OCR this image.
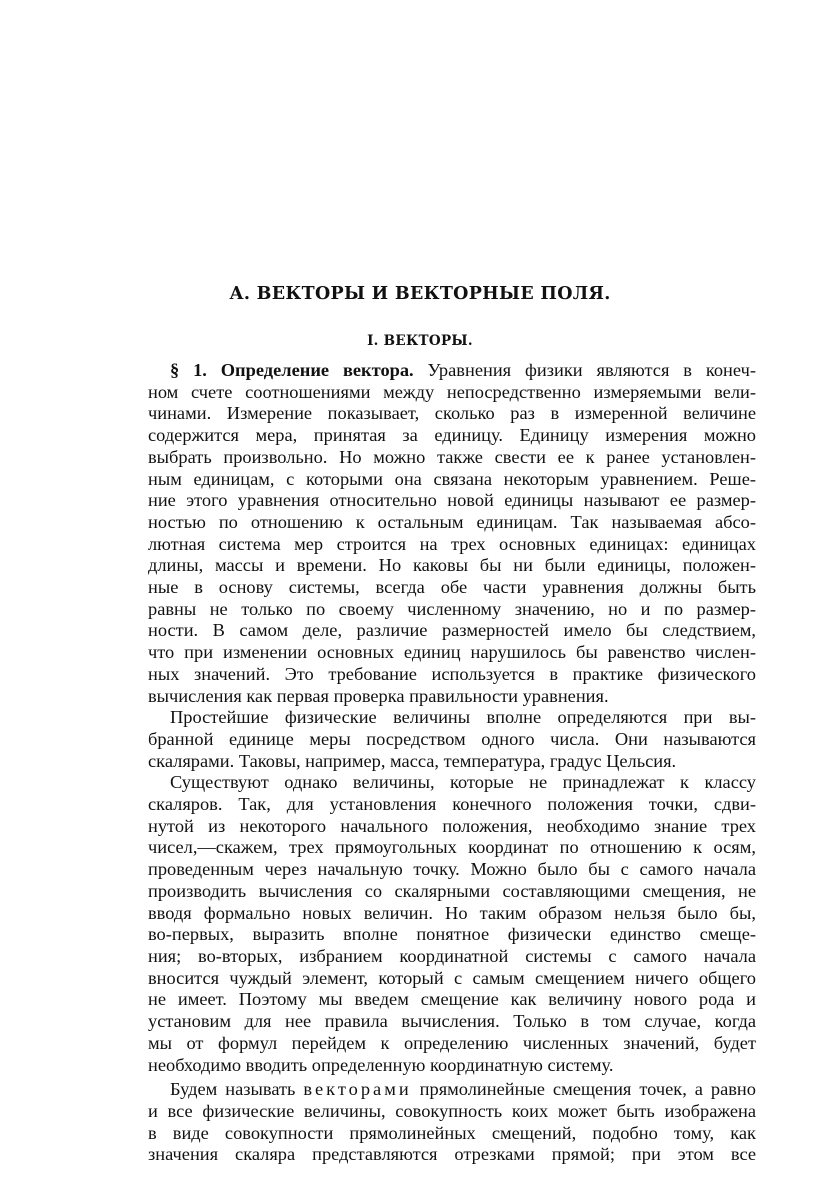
А. ВЕКТОРЫ И ВЕКТОРНЫЕ ПОЛЯ.
I. ВЕКТОРЫ.
§ 1. Определение вектора. Уравнения физики являются в конеч-
ном счете соотношениями между непосредственно измеряемыми вели-
чинами. Измерение показывает, сколько раз в измеренной величине
содержится мера, принятая за единицу. Единицу измерения можно
выбрать произвольно. Но можно также свести ее к ранее установлен-
ным единицам, с которыми она связана некоторым уравнением. Реше-
ние этого уравнения относительно новой единицы называют ее размер-
ностью по отношению к остальным единицам. Так называемая абсо-
лютная система мер строится на трех основных единицах: единицах
длины, массы и времени. Но каковы бы ни были единицы, положен-
ные в основу системы, всегда обе части уравнения должны быть
равны не только по своему численному значению, но и по размер-
ности. В самом деле, различие размерностей имело бы следствием,
что при изменении основных единиц нарушилось бы равенство числен-
ных значений. Это требование используется в практике физического
вычисления как первая проверка правильности уравнения.
Простейшие физические величины вполне определяются при вы-
бранной единице меры посредством одного числа. Они называются
скалярами. Таковы, например, масса, температура, градус Цельсия.
Существуют однако величины, которые не принадлежат к классу
скаляров. Так, для установления конечного положения точки, сдви-
нутой из некоторого начального положения, необходимо знание трех
чисел,—скажем, трех прямоугольных координат по отношению к осям,
проведенным через начальную точку. Можно было бы с самого начала
производить вычисления со скалярными составляющими смещения, не
вводя формально новых величин. Но таким образом нельзя было бы,
во-первых, выразить вполне понятное физически единство смеще-
ния; во-вторых, избранием координатной системы с самого начала
вносится чуждый элемент, который с самым смещением ничего общего
не имеет. Поэтому мы введем смещение как величину нового рода и
установим для нее правила вычисления. Только в том случае, когда
мы от формул перейдем к определению численных значений, будет
необходимо вводить определенную координатную систему.
Будем называть векторами прямолинейные смещения точек, а равно
и все физические величины, совокупность коих может быть изображена
в виде совокупности прямолинейных смещений, подобно тому, как
значения скаляра представляются отрезками прямой; при этом все
